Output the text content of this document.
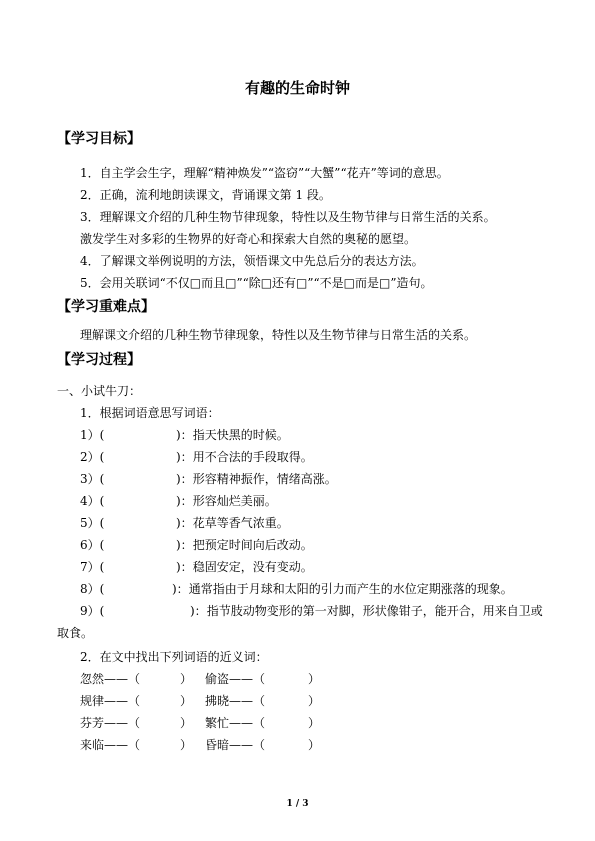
有趣的生命时钟
【学习目标】
1．自主学会生字，理解“精神焕发”“盗窃”“大蟹”“花卉”等词的意思。
2．正确，流利地朗读课文，背诵课文第 1 段。
3．理解课文介绍的几种生物节律现象，特性以及生物节律与日常生活的关系。
激发学生对多彩的生物界的好奇心和探索大自然的奥秘的愿望。
4．了解课文举例说明的方法，领悟课文中先总后分的表达方法。
5．会用关联词“不仅□而且□”“除□还有□”“不是□而是□”造句。
【学习重难点】
理解课文介绍的几种生物节律现象，特性以及生物节律与日常生活的关系。
【学习过程】
一、小试牛刀：
1．根据词语意思写词语：
1）(	)：指天快黑的时候。
2）(	)：用不合法的手段取得。
3）(	)：形容精神振作，情绪高涨。
4）(	)：形容灿烂美丽。
5）(	)：花草等香气浓重。
6）(	)：把预定时间向后改动。
7）(	)：稳固安定，没有变动。
8）(	)：通常指由于月球和太阳的引力而产生的水位定期涨落的现象。
9）(	)：指节肢动物变形的第一对脚，形状像钳子，能开合，用来自卫或
取食。
2．在文中找出下列词语的近义词：
忽然——（	） 偷盗——（	）
规律——（	） 拂晓——（	）
芬芳——（	） 繁忙——（	）
来临——（	） 昏暗——（	）
1 / 3
